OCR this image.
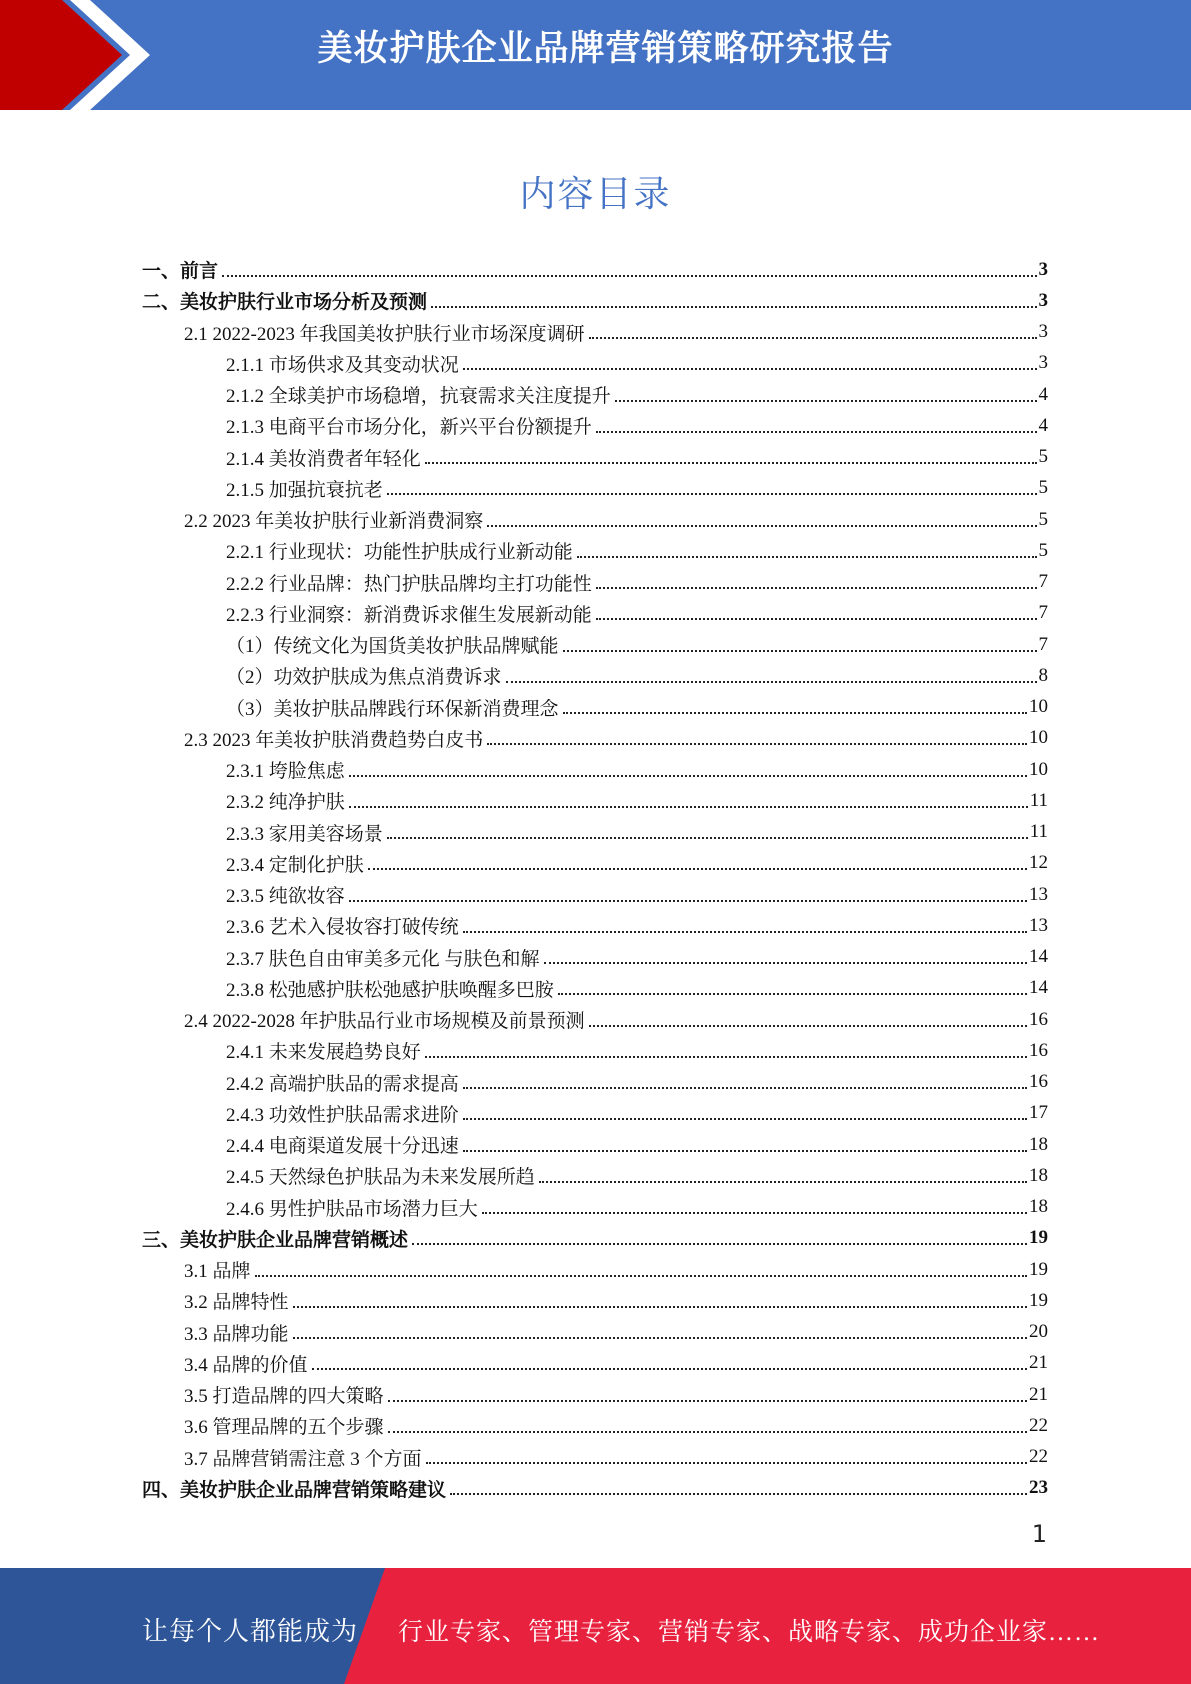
美妆护肤企业品牌营销策略研究报告
内容目录
一、前言	3
二、美妆护肤行业市场分析及预测	3
2.1 2022-2023 年我国美妆护肤行业市场深度调研	3
2.1.1 市场供求及其变动状况	3
2.1.2 全球美护市场稳增，抗衰需求关注度提升	4
2.1.3 电商平台市场分化，新兴平台份额提升	4
2.1.4 美妆消费者年轻化	5
2.1.5 加强抗衰抗老	5
2.2 2023 年美妆护肤行业新消费洞察	5
2.2.1 行业现状：功能性护肤成行业新动能	5
2.2.2 行业品牌：热门护肤品牌均主打功能性	7
2.2.3 行业洞察：新消费诉求催生发展新动能	7
（1）传统文化为国货美妆护肤品牌赋能	7
（2）功效护肤成为焦点消费诉求	8
（3）美妆护肤品牌践行环保新消费理念	10
2.3 2023 年美妆护肤消费趋势白皮书	10
2.3.1 垮脸焦虑	10
2.3.2 纯净护肤	11
2.3.3 家用美容场景	11
2.3.4 定制化护肤	12
2.3.5 纯欲妆容	13
2.3.6 艺术入侵妆容打破传统	13
2.3.7 肤色自由审美多元化 与肤色和解	14
2.3.8 松弛感护肤松弛感护肤唤醒多巴胺	14
2.4 2022-2028 年护肤品行业市场规模及前景预测	16
2.4.1 未来发展趋势良好	16
2.4.2 高端护肤品的需求提高	16
2.4.3 功效性护肤品需求进阶	17
2.4.4 电商渠道发展十分迅速	18
2.4.5 天然绿色护肤品为未来发展所趋	18
2.4.6 男性护肤品市场潜力巨大	18
三、美妆护肤企业品牌营销概述	19
3.1 品牌	19
3.2 品牌特性	19
3.3 品牌功能	20
3.4 品牌的价值	21
3.5 打造品牌的四大策略	21
3.6 管理品牌的五个步骤	22
3.7 品牌营销需注意 3 个方面	22
四、美妆护肤企业品牌营销策略建议	23
1
让每个人都能成为 行业专家、管理专家、营销专家、战略专家、成功企业家……
